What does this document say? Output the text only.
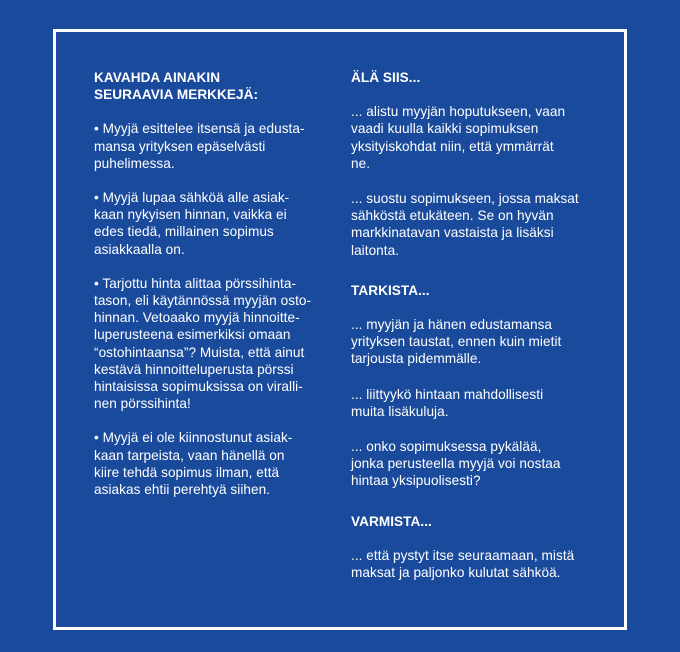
KAVAHDA AINAKIN
SEURAAVIA MERKKEJÄ:

• Myyjä esittelee itsensä ja edusta-
mansa yrityksen epäselvästi
puhelimessa.

• Myyjä lupaa sähköä alle asiak-
kaan nykyisen hinnan, vaikka ei
edes tiedä, millainen sopimus
asiakkaalla on.

• Tarjottu hinta alittaa pörssihinta-
tason, eli käytännössä myyjän osto-
hinnan. Vetoaako myyjä hinnoitte-
luperusteena esimerkiksi omaan
“ostohintaansa”? Muista, että ainut
kestävä hinnoitteluperusta pörssi
hintaisissa sopimuksissa on viralli-
nen pörssihinta!

• Myyjä ei ole kiinnostunut asiak-
kaan tarpeista, vaan hänellä on
kiire tehdä sopimus ilman, että
asiakas ehtii perehtyä siihen.

ÄLÄ SIIS...

... alistu myyjän hoputukseen, vaan
vaadi kuulla kaikki sopimuksen
yksityiskohdat niin, että ymmärrät
ne.

... suostu sopimukseen, jossa maksat
sähköstä etukäteen. Se on hyvän
markkinatavan vastaista ja lisäksi
laitonta.

TARKISTA...

... myyjän ja hänen edustamansa
yrityksen taustat, ennen kuin mietit
tarjousta pidemmälle.

... liittyykö hintaan mahdollisesti
muita lisäkuluja.

... onko sopimuksessa pykälää,
jonka perusteella myyjä voi nostaa
hintaa yksipuolisesti?

VARMISTA...

... että pystyt itse seuraamaan, mistä
maksat ja paljonko kulutat sähköä.
